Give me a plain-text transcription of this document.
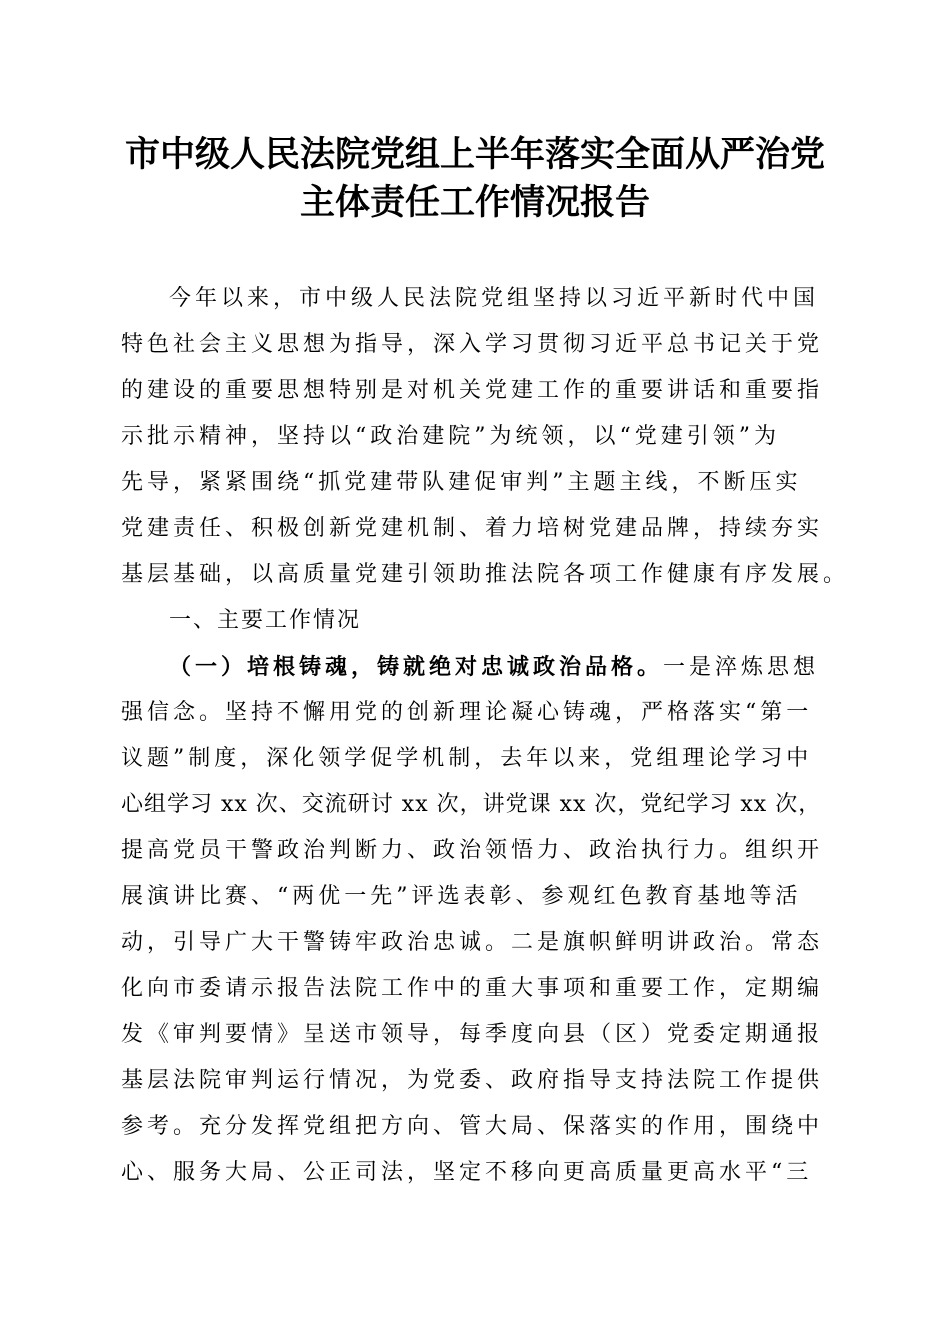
市中级人民法院党组上半年落实全面从严治党
主体责任工作情况报告
今年以来，市中级人民法院党组坚持以习近平新时代中国
特色社会主义思想为指导，深入学习贯彻习近平总书记关于党
的建设的重要思想特别是对机关党建工作的重要讲话和重要指
示批示精神，坚持以“政治建院”为统领，以“党建引领”为
先导，紧紧围绕“抓党建带队建促审判”主题主线，不断压实
党建责任、积极创新党建机制、着力培树党建品牌，持续夯实
基层基础，以高质量党建引领助推法院各项工作健康有序发展。
一、主要工作情况
（一）培根铸魂，铸就绝对忠诚政治品格。一是淬炼思想
强信念。坚持不懈用党的创新理论凝心铸魂，严格落实“第一
议题”制度，深化领学促学机制，去年以来，党组理论学习中
心组学习 xx 次、交流研讨 xx 次，讲党课 xx 次，党纪学习 xx 次，
提高党员干警政治判断力、政治领悟力、政治执行力。组织开
展演讲比赛、“两优一先”评选表彰、参观红色教育基地等活
动，引导广大干警铸牢政治忠诚。二是旗帜鲜明讲政治。常态
化向市委请示报告法院工作中的重大事项和重要工作，定期编
发《审判要情》呈送市领导，每季度向县（区）党委定期通报
基层法院审判运行情况，为党委、政府指导支持法院工作提供
参考。充分发挥党组把方向、管大局、保落实的作用，围绕中
心、服务大局、公正司法，坚定不移向更高质量更高水平“三
